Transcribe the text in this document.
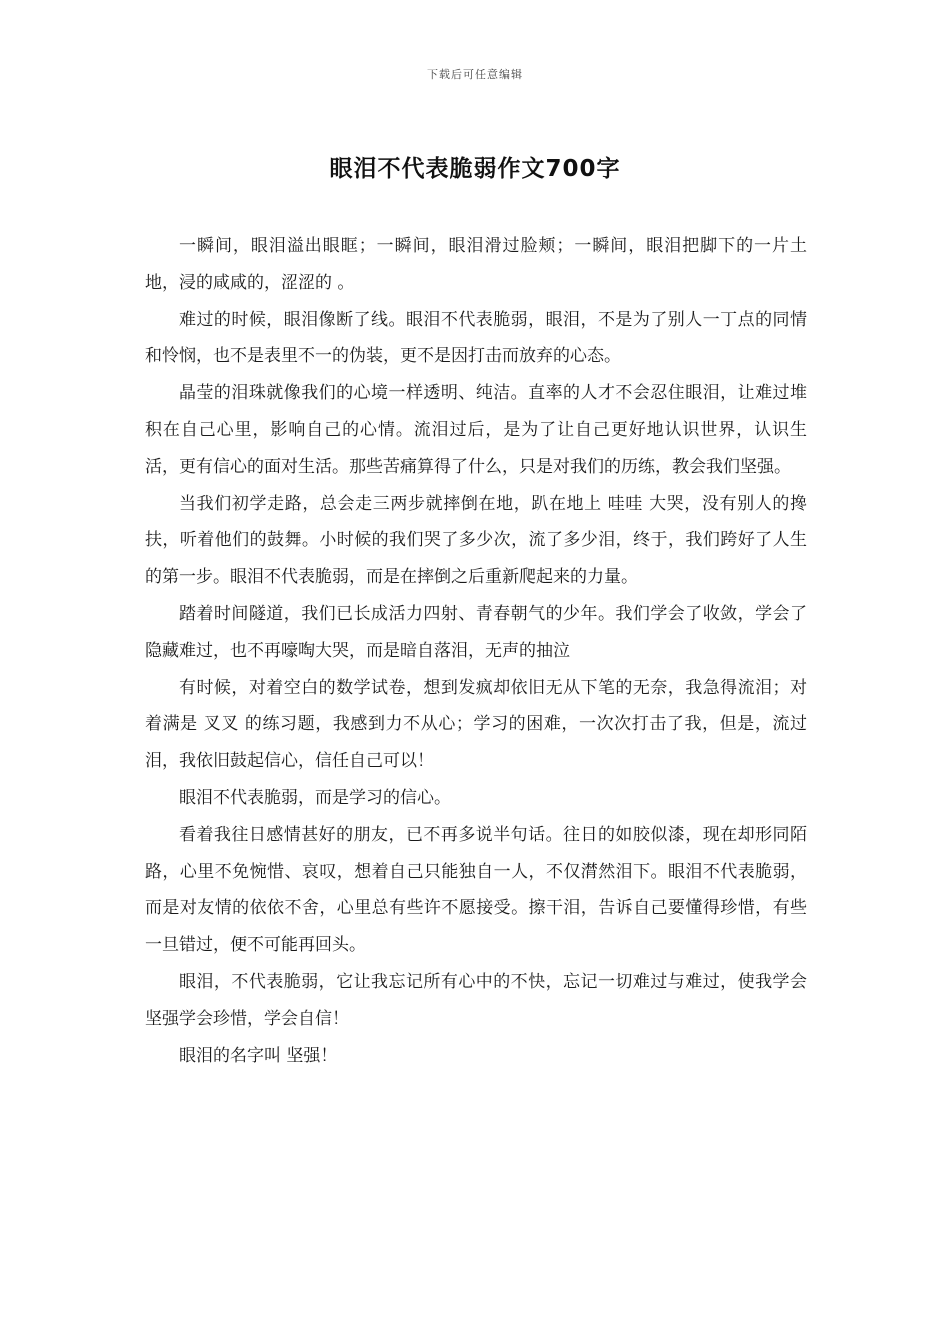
下载后可任意编辑
眼泪不代表脆弱作文700字

一瞬间，眼泪溢出眼眶；一瞬间，眼泪滑过脸颊；一瞬间，眼泪把脚下的一片土地，浸的咸咸的，涩涩的 。

难过的时候，眼泪像断了线。眼泪不代表脆弱，眼泪，不是为了别人一丁点的同情和怜悯，也不是表里不一的伪装，更不是因打击而放弃的心态。

晶莹的泪珠就像我们的心境一样透明、纯洁。直率的人才不会忍住眼泪，让难过堆积在自己心里，影响自己的心情。流泪过后，是为了让自己更好地认识世界，认识生活，更有信心的面对生活。那些苦痛算得了什么，只是对我们的历练，教会我们坚强。

当我们初学走路，总会走三两步就摔倒在地，趴在地上 哇哇 大哭，没有别人的搀扶，听着他们的鼓舞。小时候的我们哭了多少次，流了多少泪，终于，我们跨好了人生的第一步。眼泪不代表脆弱，而是在摔倒之后重新爬起来的力量。

踏着时间隧道，我们已长成活力四射、青春朝气的少年。我们学会了收敛，学会了隐藏难过，也不再嚎啕大哭，而是暗自落泪，无声的抽泣

有时候，对着空白的数学试卷，想到发疯却依旧无从下笔的无奈，我急得流泪；对着满是 叉叉 的练习题，我感到力不从心；学习的困难，一次次打击了我，但是，流过泪，我依旧鼓起信心，信任自己可以！

眼泪不代表脆弱，而是学习的信心。

看着我往日感情甚好的朋友，已不再多说半句话。往日的如胶似漆，现在却形同陌路，心里不免惋惜、哀叹，想着自己只能独自一人，不仅潸然泪下。眼泪不代表脆弱，而是对友情的依依不舍，心里总有些许不愿接受。擦干泪，告诉自己要懂得珍惜，有些一旦错过，便不可能再回头。

眼泪，不代表脆弱，它让我忘记所有心中的不快，忘记一切难过与难过，使我学会坚强学会珍惜，学会自信！

眼泪的名字叫 坚强！
